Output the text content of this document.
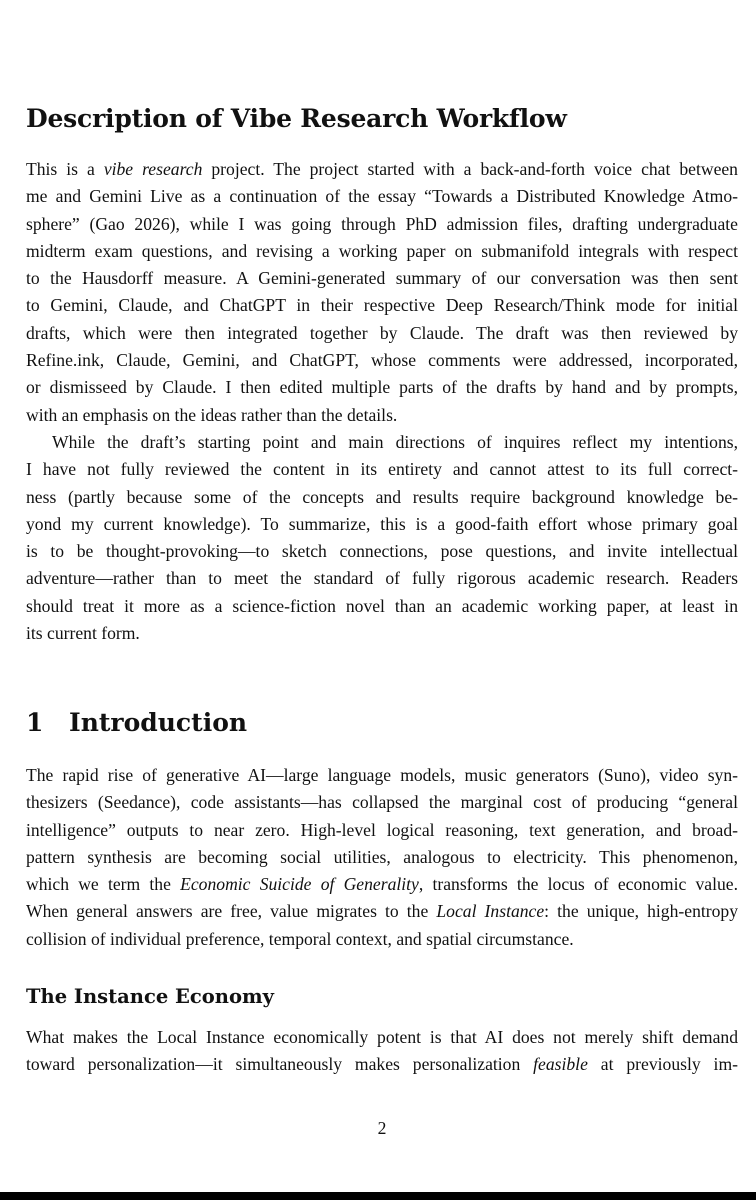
Description of Vibe Research Workflow
This is a vibe research project. The project started with a back-and-forth voice chat between
me and Gemini Live as a continuation of the essay “Towards a Distributed Knowledge Atmo-
sphere” (Gao 2026), while I was going through PhD admission files, drafting undergraduate
midterm exam questions, and revising a working paper on submanifold integrals with respect
to the Hausdorff measure. A Gemini-generated summary of our conversation was then sent
to Gemini, Claude, and ChatGPT in their respective Deep Research/Think mode for initial
drafts, which were then integrated together by Claude. The draft was then reviewed by
Refine.ink, Claude, Gemini, and ChatGPT, whose comments were addressed, incorporated,
or dismisseed by Claude. I then edited multiple parts of the drafts by hand and by prompts,
with an emphasis on the ideas rather than the details.
While the draft’s starting point and main directions of inquires reflect my intentions,
I have not fully reviewed the content in its entirety and cannot attest to its full correct-
ness (partly because some of the concepts and results require background knowledge be-
yond my current knowledge). To summarize, this is a good-faith effort whose primary goal
is to be thought-provoking—to sketch connections, pose questions, and invite intellectual
adventure—rather than to meet the standard of fully rigorous academic research. Readers
should treat it more as a science-fiction novel than an academic working paper, at least in
its current form.
1 Introduction
The rapid rise of generative AI—large language models, music generators (Suno), video syn-
thesizers (Seedance), code assistants—has collapsed the marginal cost of producing “general
intelligence” outputs to near zero. High-level logical reasoning, text generation, and broad-
pattern synthesis are becoming social utilities, analogous to electricity. This phenomenon,
which we term the Economic Suicide of Generality, transforms the locus of economic value.
When general answers are free, value migrates to the Local Instance: the unique, high-entropy
collision of individual preference, temporal context, and spatial circumstance.
The Instance Economy
What makes the Local Instance economically potent is that AI does not merely shift demand
toward personalization—it simultaneously makes personalization feasible at previously im-
2
